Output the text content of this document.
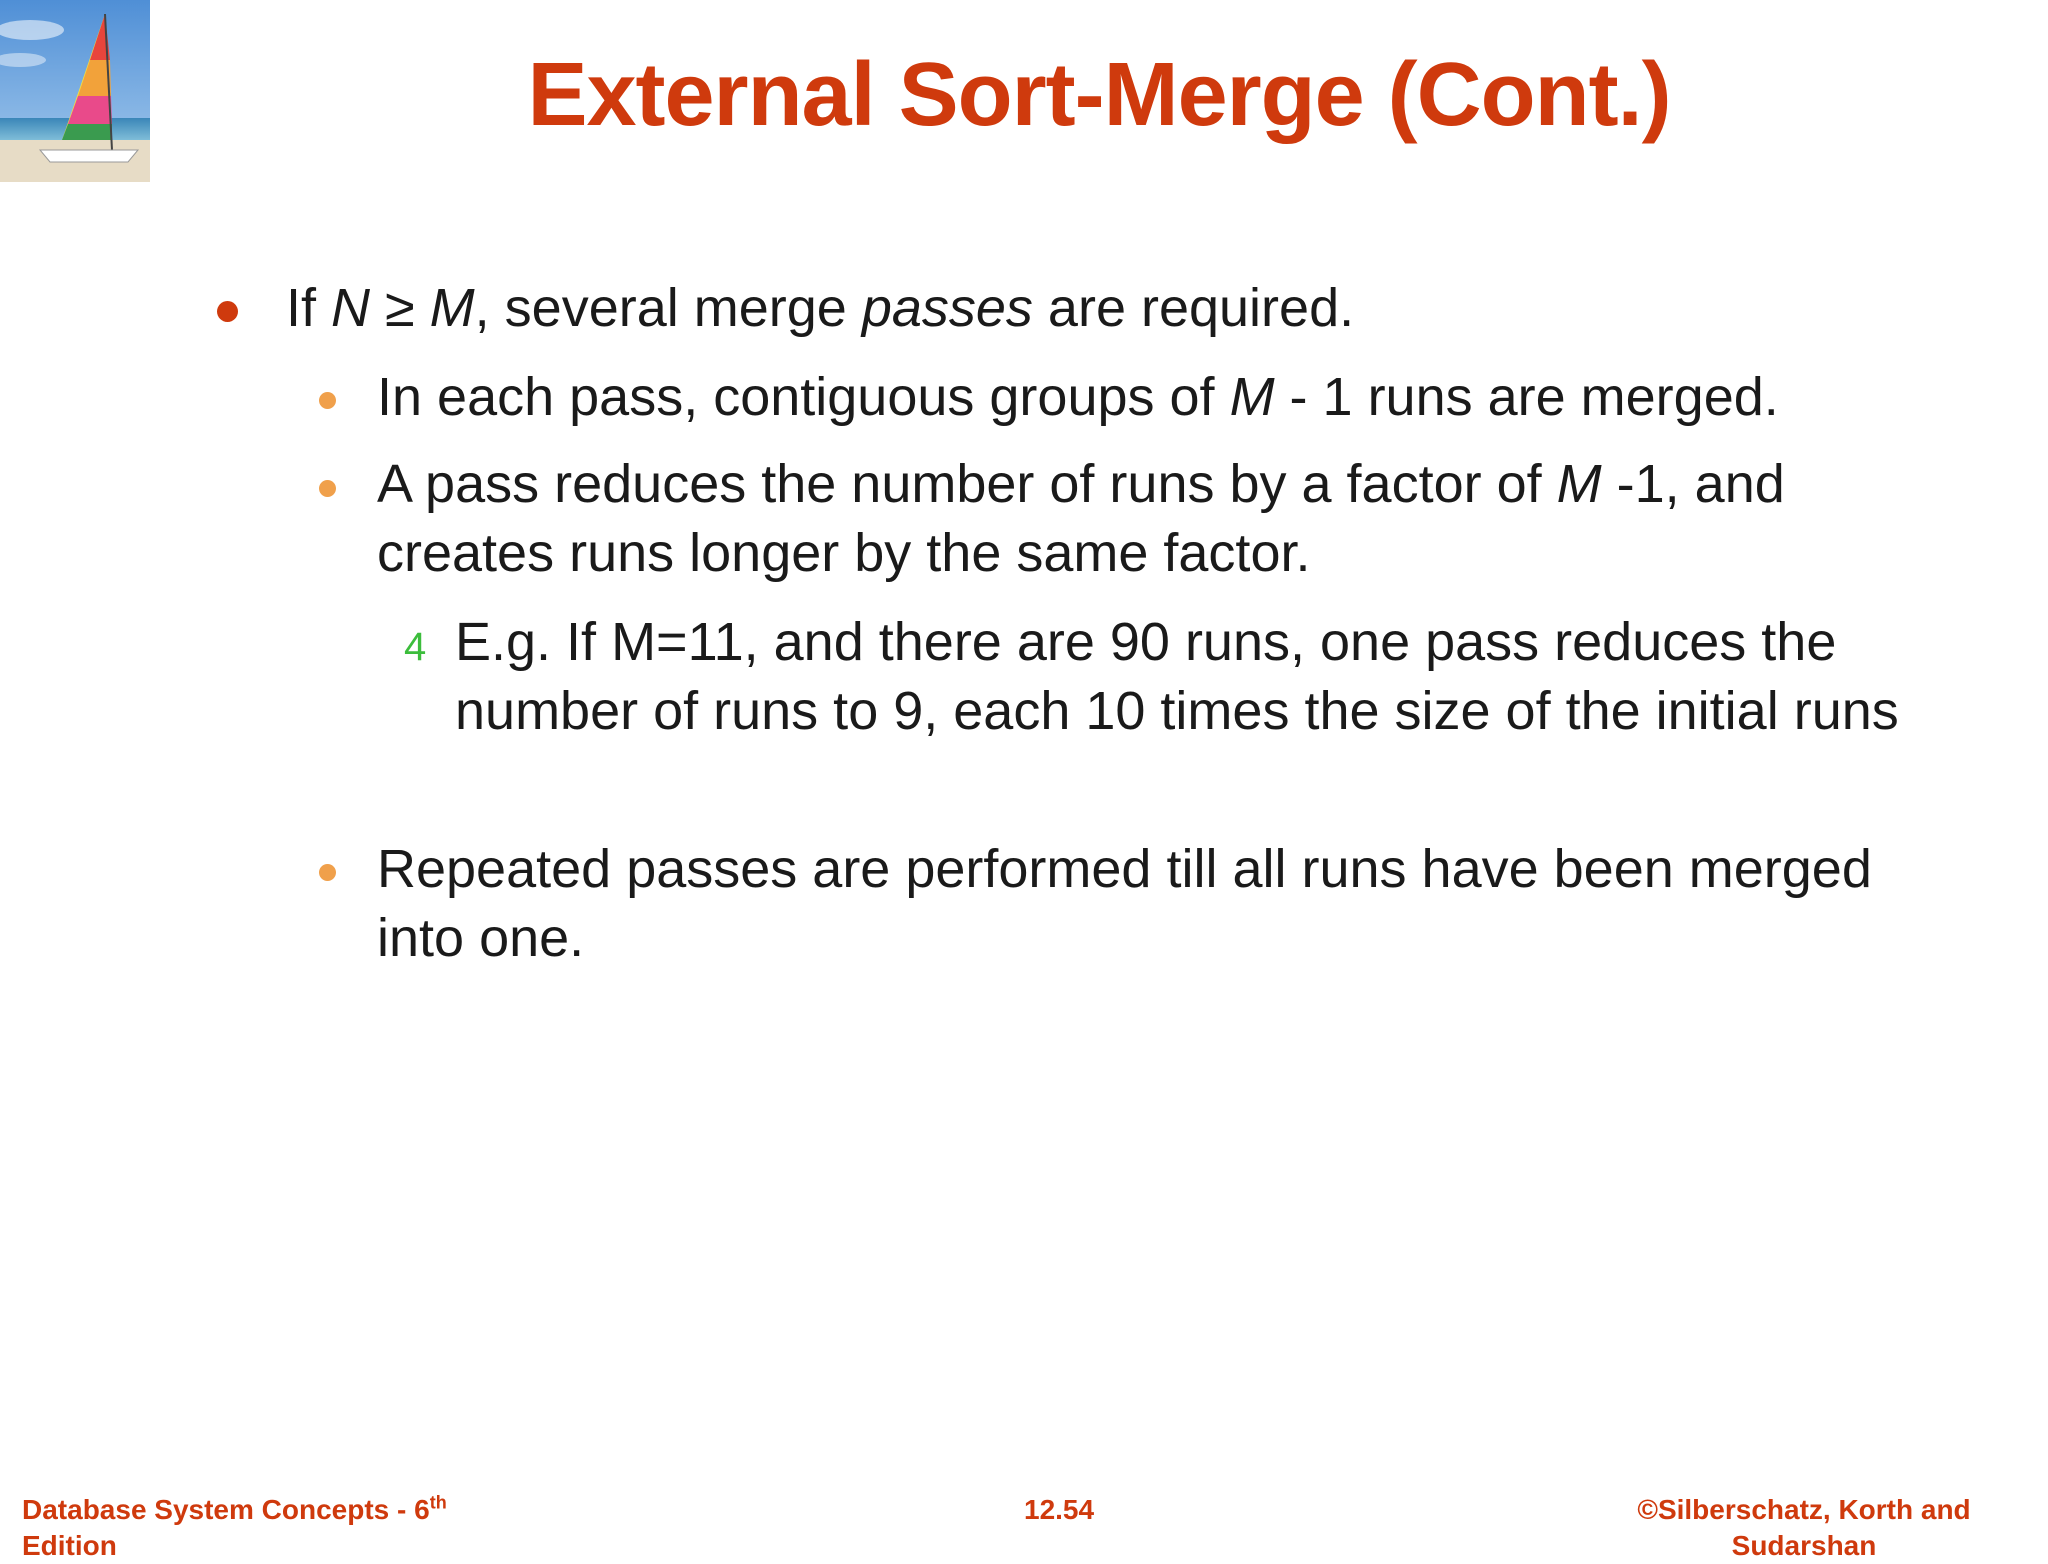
External Sort-Merge (Cont.)
If N ≥ M, several merge passes are required.
In each pass, contiguous groups of M - 1 runs are merged.
A pass reduces the number of runs by a factor of M -1, and creates runs longer by the same factor.
4 E.g. If M=11, and there are 90 runs, one pass reduces the number of runs to 9, each 10 times the size of the initial runs
Repeated passes are performed till all runs have been merged into one.
Database System Concepts - 6th
Edition
12.54	©Silberschatz, Korth and Sudarshan
